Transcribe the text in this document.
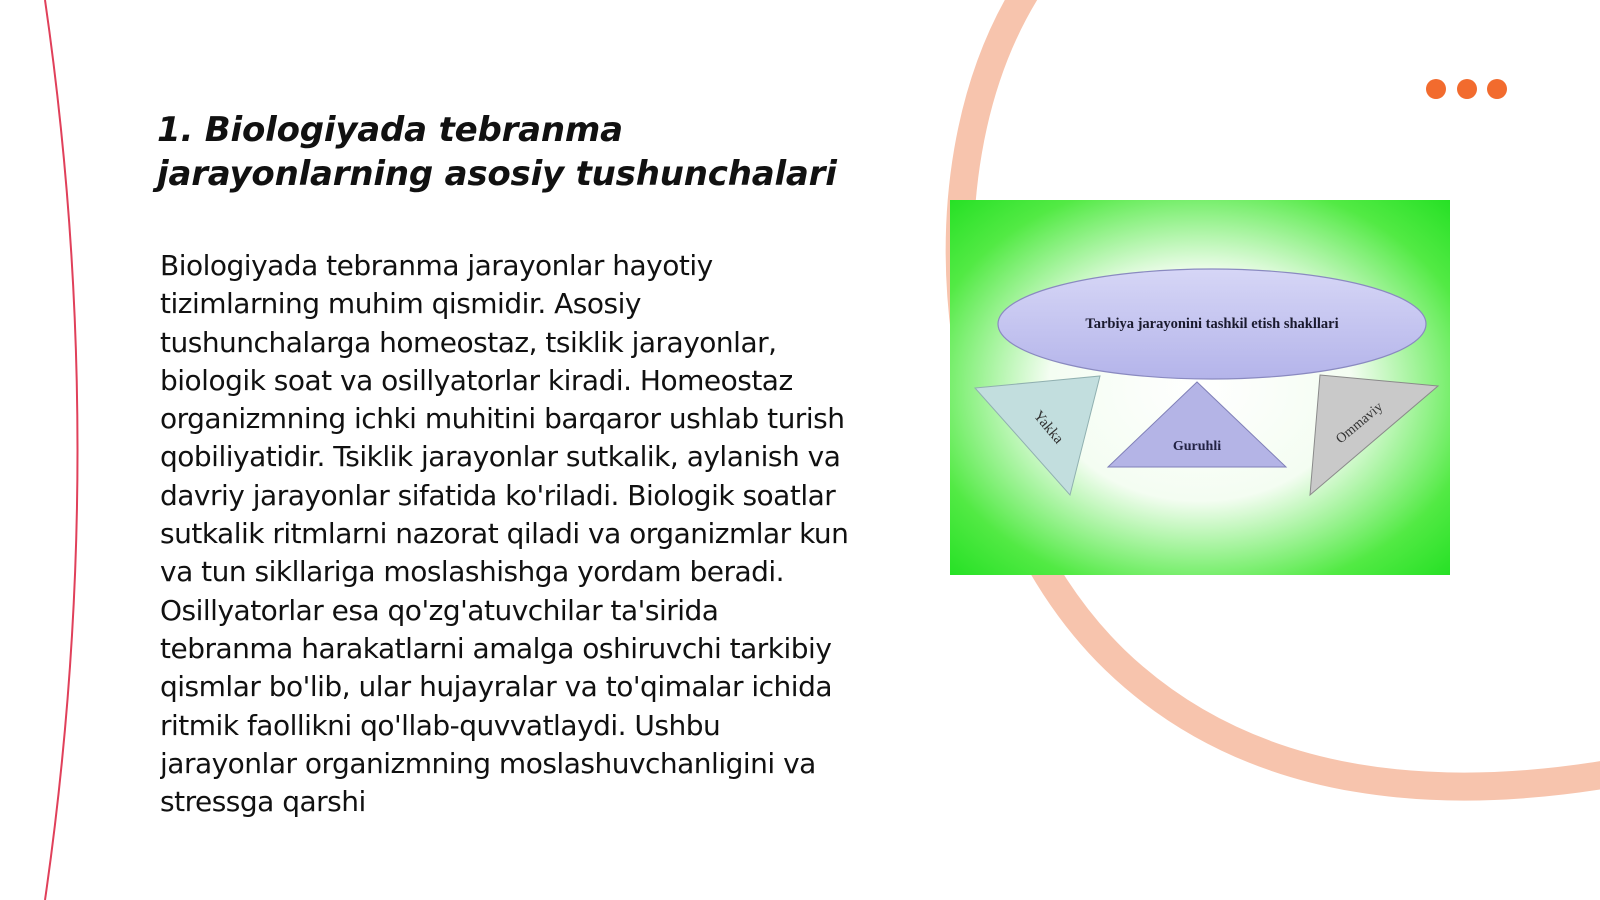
1. Biologiyada tebranma jarayonlarning asosiy tushunchalari

Biologiyada tebranma jarayonlar hayotiy tizimlarning muhim qismidir. Asosiy tushunchalarga homeostaz, tsiklik jarayonlar, biologik soat va osillyatorlar kiradi. Homeostaz organizmning ichki muhitini barqaror ushlab turish qobiliyatidir. Tsiklik jarayonlar sutkalik, aylanish va davriy jarayonlar sifatida ko'riladi. Biologik soatlar sutkalik ritmlarni nazorat qiladi va organizmlar kun va tun sikllariga moslashishga yordam beradi. Osillyatorlar esa qo'zg'atuvchilar ta'sirida tebranma harakatlarni amalga oshiruvchi tarkibiy qismlar bo'lib, ular hujayralar va to'qimalar ichida ritmik faollikni qo'llab-quvvatlaydi. Ushbu jarayonlar organizmning moslashuvchanligini va stressga qarshi

Tarbiya jarayonini tashkil etish shakllari
Yakka	Guruhli	Ommaviy
